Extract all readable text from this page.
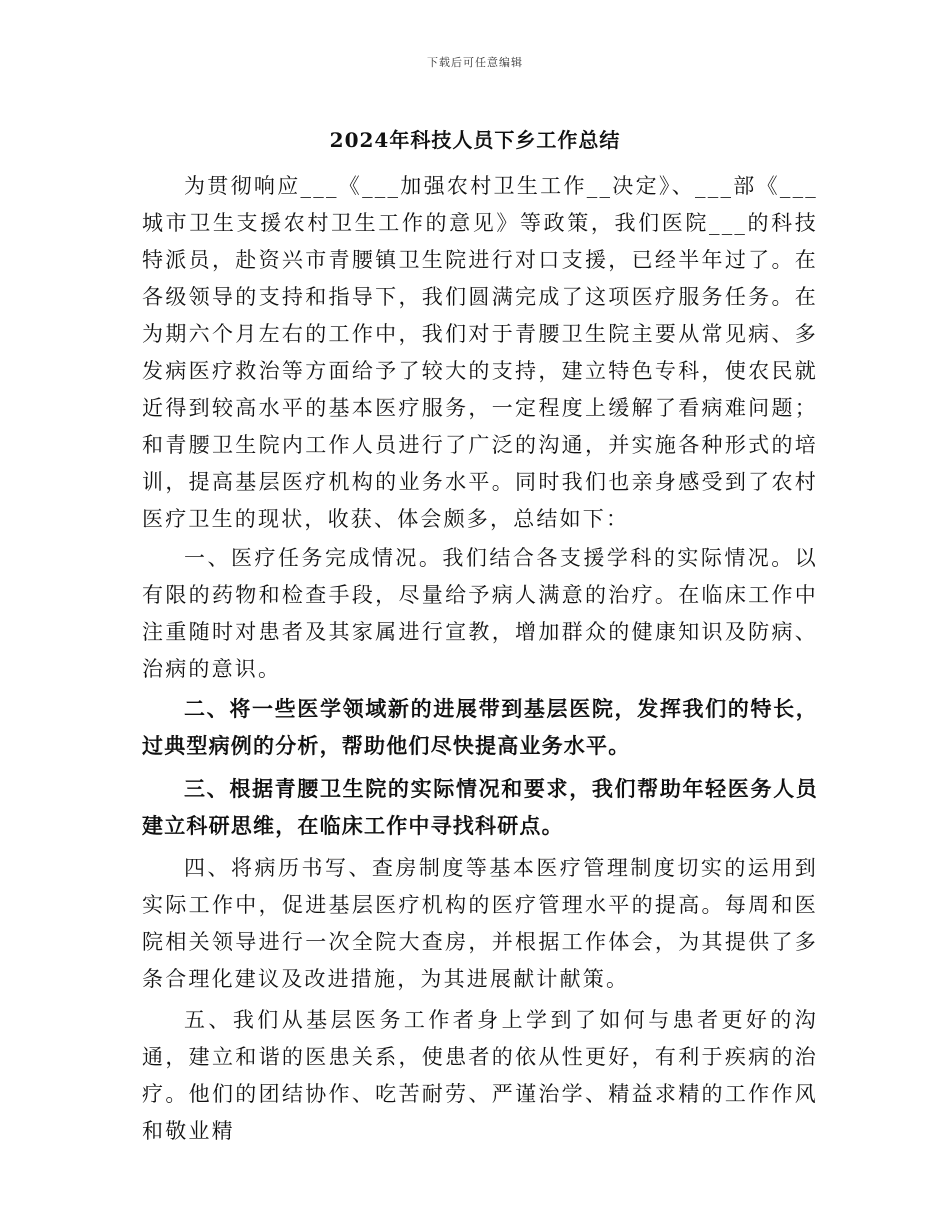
下载后可任意编辑
2024年科技人员下乡工作总结

为贯彻响应___《___加强农村卫生工作__决定》、___部《___城市卫生支援农村卫生工作的意见》等政策，我们医院___的科技特派员，赴资兴市青腰镇卫生院进行对口支援，已经半年过了。在各级领导的支持和指导下，我们圆满完成了这项医疗服务任务。在为期六个月左右的工作中，我们对于青腰卫生院主要从常见病、多发病医疗救治等方面给予了较大的支持，建立特色专科，使农民就近得到较高水平的基本医疗服务，一定程度上缓解了看病难问题；和青腰卫生院内工作人员进行了广泛的沟通，并实施各种形式的培训，提高基层医疗机构的业务水平。同时我们也亲身感受到了农村医疗卫生的现状，收获、体会颇多，总结如下：

一、医疗任务完成情况。我们结合各支援学科的实际情况。以有限的药物和检查手段，尽量给予病人满意的治疗。在临床工作中注重随时对患者及其家属进行宣教，增加群众的健康知识及防病、治病的意识。

二、将一些医学领域新的进展带到基层医院，发挥我们的特长，过典型病例的分析，帮助他们尽快提高业务水平。

三、根据青腰卫生院的实际情况和要求，我们帮助年轻医务人员建立科研思维，在临床工作中寻找科研点。

四、将病历书写、查房制度等基本医疗管理制度切实的运用到实际工作中，促进基层医疗机构的医疗管理水平的提高。每周和医院相关领导进行一次全院大查房，并根据工作体会，为其提供了多条合理化建议及改进措施，为其进展献计献策。

五、我们从基层医务工作者身上学到了如何与患者更好的沟通，建立和谐的医患关系，使患者的依从性更好，有利于疾病的治疗。他们的团结协作、吃苦耐劳、严谨治学、精益求精的工作作风和敬业精
